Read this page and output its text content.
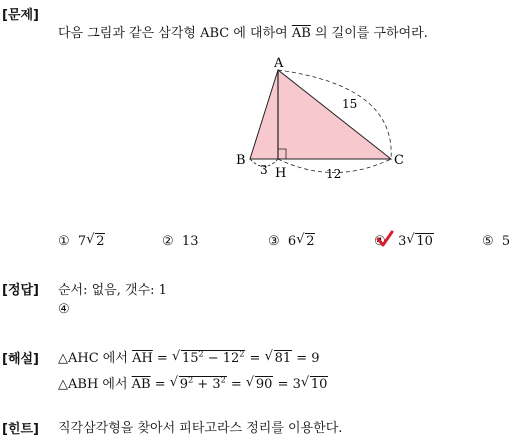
[문제]
다음 그림과 같은 삼각형 ABC 에 대하여 $\overline{AB}$ 의 길이를 구하여라.
A
B	C
H
15
3	12
① 7 √ 2	② 13	③ 6 √ 2	④ 3 √ 10	⑤ 5
[정답] 순서: 없음, 갯수: 1
④
[해설] △AHC 에서 $\overline{AH}$ = √ $15^2 - 12^2$ = √ 81 = 9
△ABH 에서 $\overline{AB}$ = √ $9^2 + 3^2$ = √ 90 = 3 √ 10
[힌트] 직각삼각형을 찾아서 피타고라스 정리를 이용한다.
